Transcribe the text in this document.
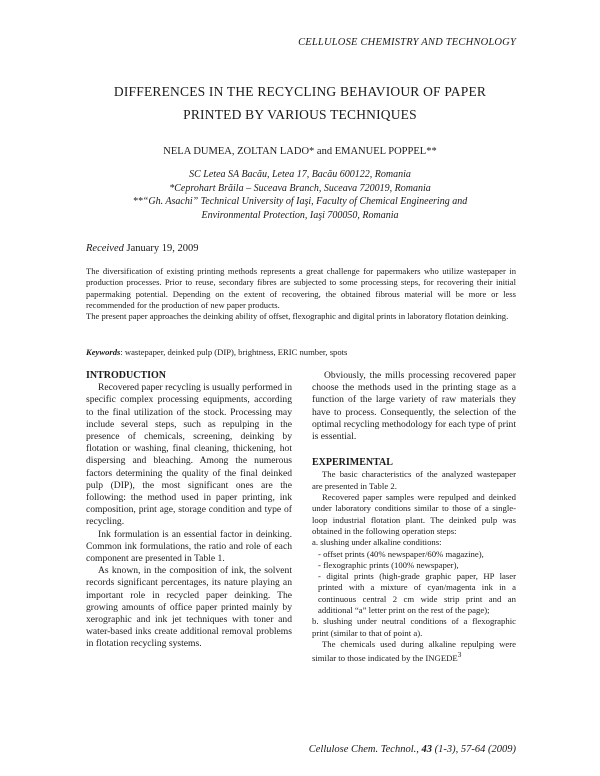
CELLULOSE CHEMISTRY AND TECHNOLOGY
DIFFERENCES IN THE RECYCLING BEHAVIOUR OF PAPER
PRINTED BY VARIOUS TECHNIQUES
NELA DUMEA, ZOLTAN LADO* and EMANUEL POPPEL**
SC Letea SA Bacău, Letea 17, Bacău 600122, Romania
*Ceprohart Brăila – Suceava Branch, Suceava 720019, Romania
**“Gh. Asachi” Technical University of Iaşi, Faculty of Chemical Engineering and
Environmental Protection, Iaşi 700050, Romania
Received January 19, 2009

The diversification of existing printing methods represents a great challenge for papermakers who utilize wastepaper in production processes. Prior to reuse, secondary fibres are subjected to some processing steps, for recovering their initial papermaking potential. Depending on the extent of recovering, the obtained fibrous material will be more or less recommended for the production of new paper products.

The present paper approaches the deinking ability of offset, flexographic and digital prints in laboratory flotation deinking.

Keywords: wastepaper, deinked pulp (DIP), brightness, ERIC number, spots

INTRODUCTION

Recovered paper recycling is usually performed in specific complex processing equipments, according to the final utilization of the stock. Processing may include several steps, such as repulping in the presence of chemicals, screening, deinking by flotation or washing, final cleaning, thickening, hot dispersing and bleaching. Among the numerous factors determining the quality of the final deinked pulp (DIP), the most significant ones are the following: the method used in paper printing, ink composition, print age, storage condition and type of recycling.

Ink formulation is an essential factor in deinking. Common ink formulations, the ratio and role of each component are presented in Table 1.

As known, in the composition of ink, the solvent records significant percentages, its nature playing an important role in recycled paper deinking. The growing amounts of office paper printed mainly by xerographic and ink jet techniques with toner and water-based inks create additional removal problems in flotation recycling systems.

Obviously, the mills processing recovered paper choose the methods used in the printing stage as a function of the large variety of raw materials they have to process. Consequently, the selection of the optimal recycling methodology for each type of print is essential.

EXPERIMENTAL

The basic characteristics of the analyzed wastepaper are presented in Table 2.

Recovered paper samples were repulped and deinked under laboratory conditions similar to those of a single-loop industrial flotation plant. The deinked pulp was obtained in the following operation steps:

a. slushing under alkaline conditions:

- offset prints (40% newspaper/60% magazine),

- flexographic prints (100% newspaper),

- digital prints (high-grade graphic paper, HP laser printed with a mixture of cyan/magenta ink in a continuous central 2 cm wide strip print and an additional “a” letter print on the rest of the page);

b. slushing under neutral conditions of a flexographic print (similar to that of point a).

The chemicals used during alkaline repulping were similar to those indicated by the INGEDE$^3$

Cellulose Chem. Technol., 43 (1-3), 57-64 (2009)
